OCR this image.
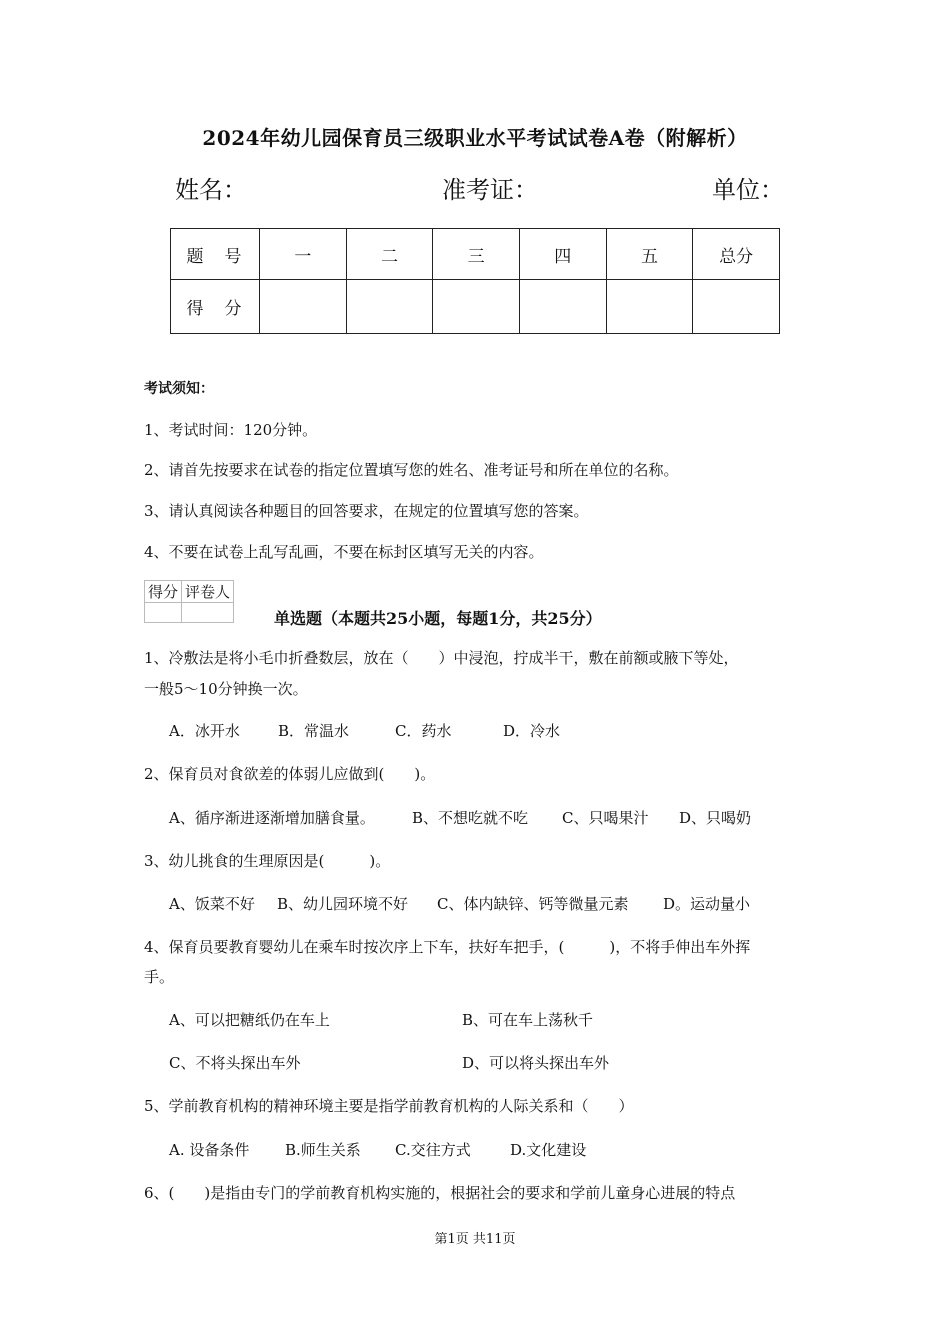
2024年幼儿园保育员三级职业水平考试试卷A卷（附解析）
姓名：	准考证：	单位：
题　号	一	二	三	四	五	总分
得　分						
考试须知：
1、考试时间：120分钟。
2、请首先按要求在试卷的指定位置填写您的姓名、准考证号和所在单位的名称。
3、请认真阅读各种题目的回答要求，在规定的位置填写您的答案。
4、不要在试卷上乱写乱画，不要在标封区填写无关的内容。
得分	评卷人

单选题（本题共25小题，每题1分，共25分）
1、冷敷法是将小毛巾折叠数层，放在（　　）中浸泡，拧成半干，敷在前额或腋下等处，
一般5～10分钟换一次。
A．冰开水	B．常温水	C．药水	D．冷水
2、保育员对食欲差的体弱儿应做到(　　)。
A、循序渐进逐渐增加膳食量。 B、不想吃就不吃 C、只喝果汁 D、只喝奶
3、幼儿挑食的生理原因是(　　　)。
A、饭菜不好 B、幼儿园环境不好 C、体内缺锌、钙等微量元素 D。运动量小
4、保育员要教育婴幼儿在乘车时按次序上下车，扶好车把手，(　　　)，不将手伸出车外挥
手。
A、可以把糖纸仍在车上	B、可在车上荡秋千
C、不将头探出车外	D、可以将头探出车外
5、学前教育机构的精神环境主要是指学前教育机构的人际关系和（　　）
A. 设备条件 B.师生关系 C.交往方式	D.文化建设
6、(　　)是指由专门的学前教育机构实施的，根据社会的要求和学前儿童身心进展的特点
第1页 共11页
